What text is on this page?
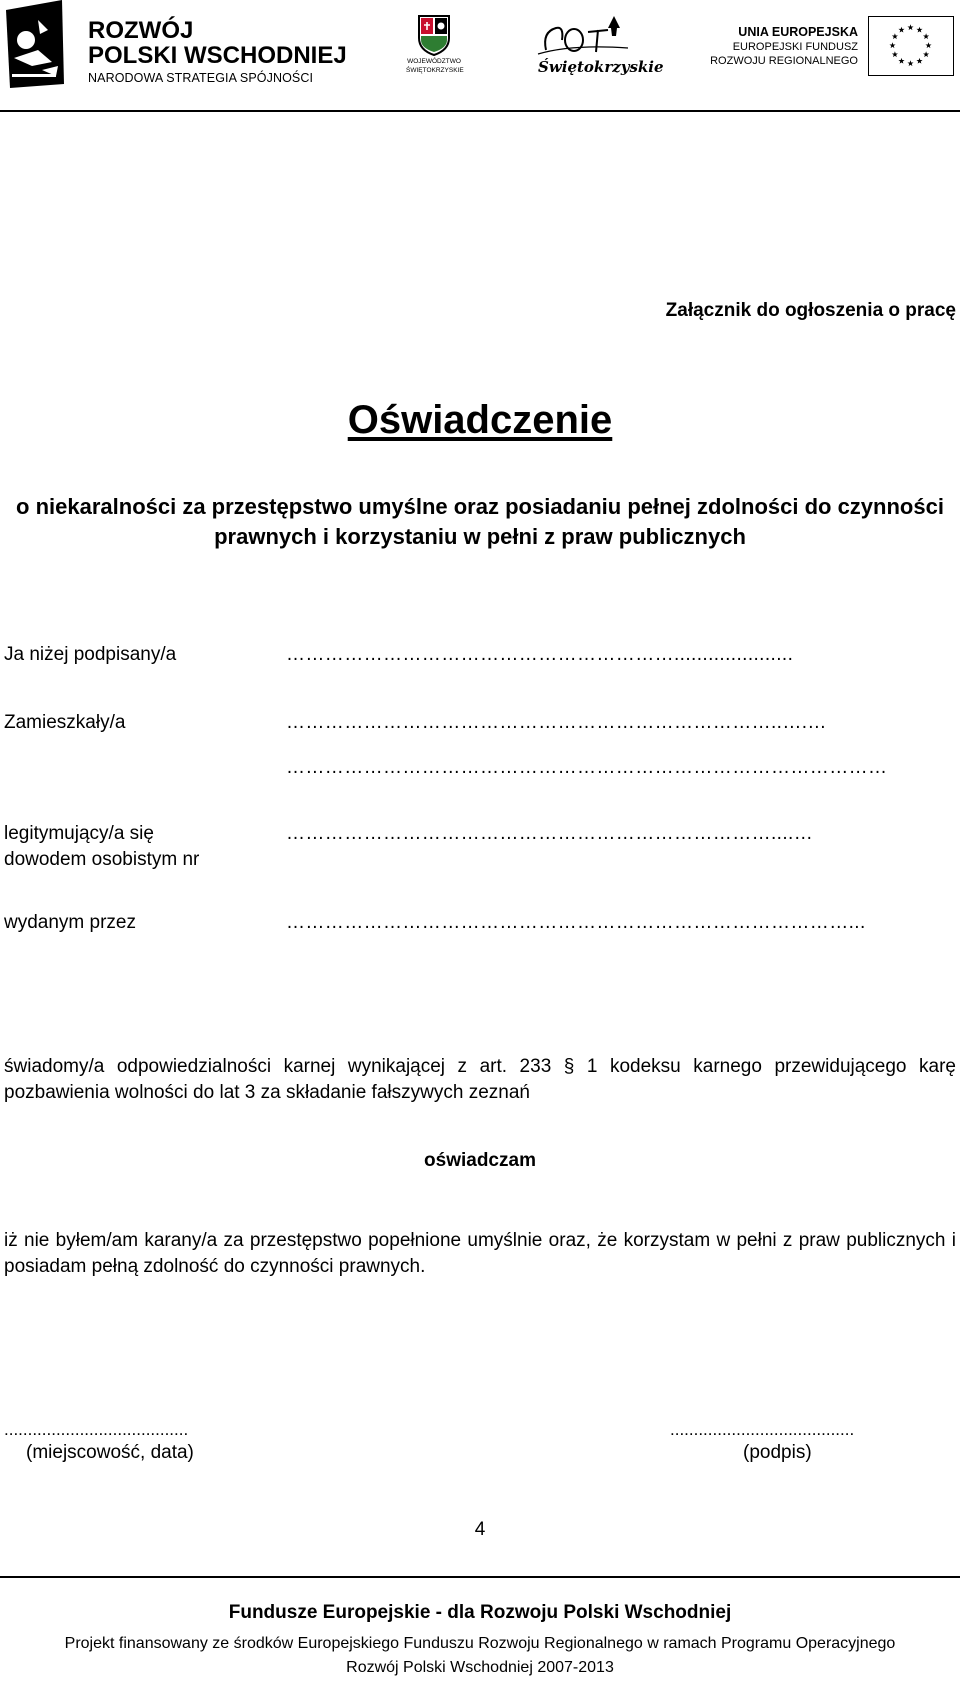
ROZWÓJ
POLSKI WSCHODNIEJ
NARODOWA STRATEGIA SPÓJNOŚCI
WOJEWÓDZTWO
ŚWIĘTOKRZYSKIE	Świętokrzyskie
UNIA EUROPEJSKA
EUROPEJSKI FUNDUSZ
ROZWOJU REGIONALNEGO
Załącznik do ogłoszenia o pracę
Oświadczenie
o niekaralności za przestępstwo umyślne oraz posiadaniu pełnej zdolności do czynności prawnych i korzystaniu w pełni z praw publicznych
Ja niżej podpisany/a	…………………………………………………….....................
Zamieszkały/a	…………………………………………………………………..….…
…………………………………………………………………………………
legitymujący/a się	…………………………………………………………………....…
dowodem osobistym nr
wydanym przez	……………………………………………………………………………...
świadomy/a odpowiedzialności karnej wynikającej z art. 233 § 1 kodeksu karnego przewidującego karę pozbawienia wolności do lat 3 za składanie fałszywych zeznań
oświadczam
iż nie byłem/am karany/a za przestępstwo popełnione umyślnie oraz, że korzystam w pełni z praw publicznych i posiadam pełną zdolność do czynności prawnych.
.......................................	.......................................
(miejscowość, data)	(podpis)
4
Fundusze Europejskie - dla Rozwoju Polski Wschodniej
Projekt finansowany ze środków Europejskiego Funduszu Rozwoju Regionalnego w ramach Programu Operacyjnego
Rozwój Polski Wschodniej 2007-2013
